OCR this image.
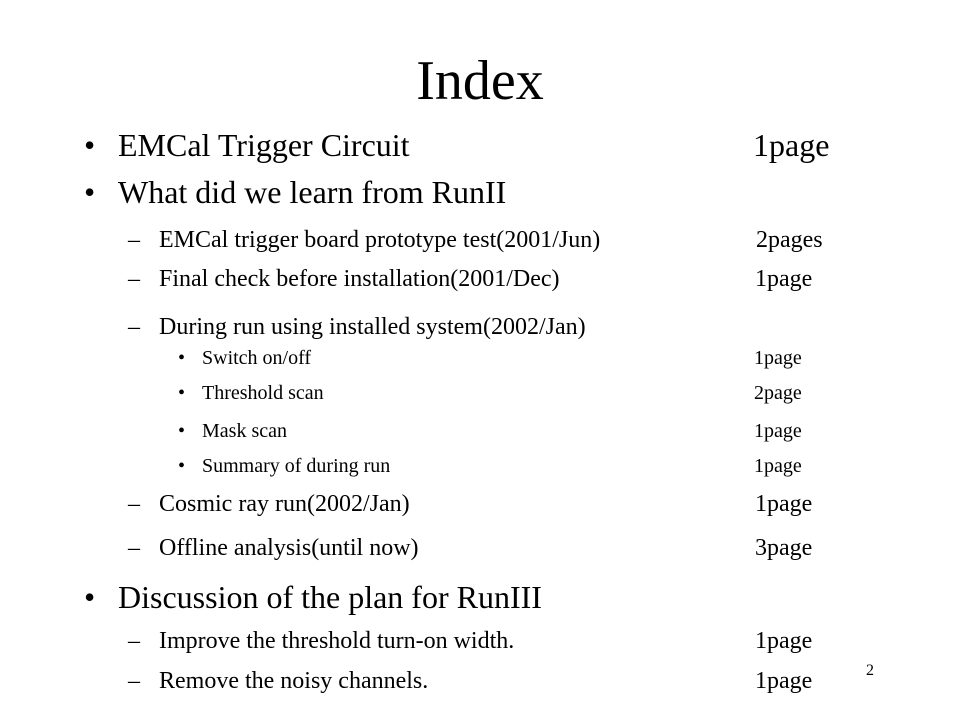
Index
• EMCal Trigger Circuit	1page
• What did we learn from RunII
– EMCal trigger board prototype test(2001/Jun)	2pages
– Final check before installation(2001/Dec)	1page
– During run using installed system(2002/Jan)
• Switch on/off	1page
• Threshold scan	2page
• Mask scan	1page
• Summary of during run	1page
– Cosmic ray run(2002/Jan)	1page
– Offline analysis(until now)	3page
• Discussion of the plan for RunIII
– Improve the threshold turn-on width.	1page
– Remove the noisy channels.	1page	2
